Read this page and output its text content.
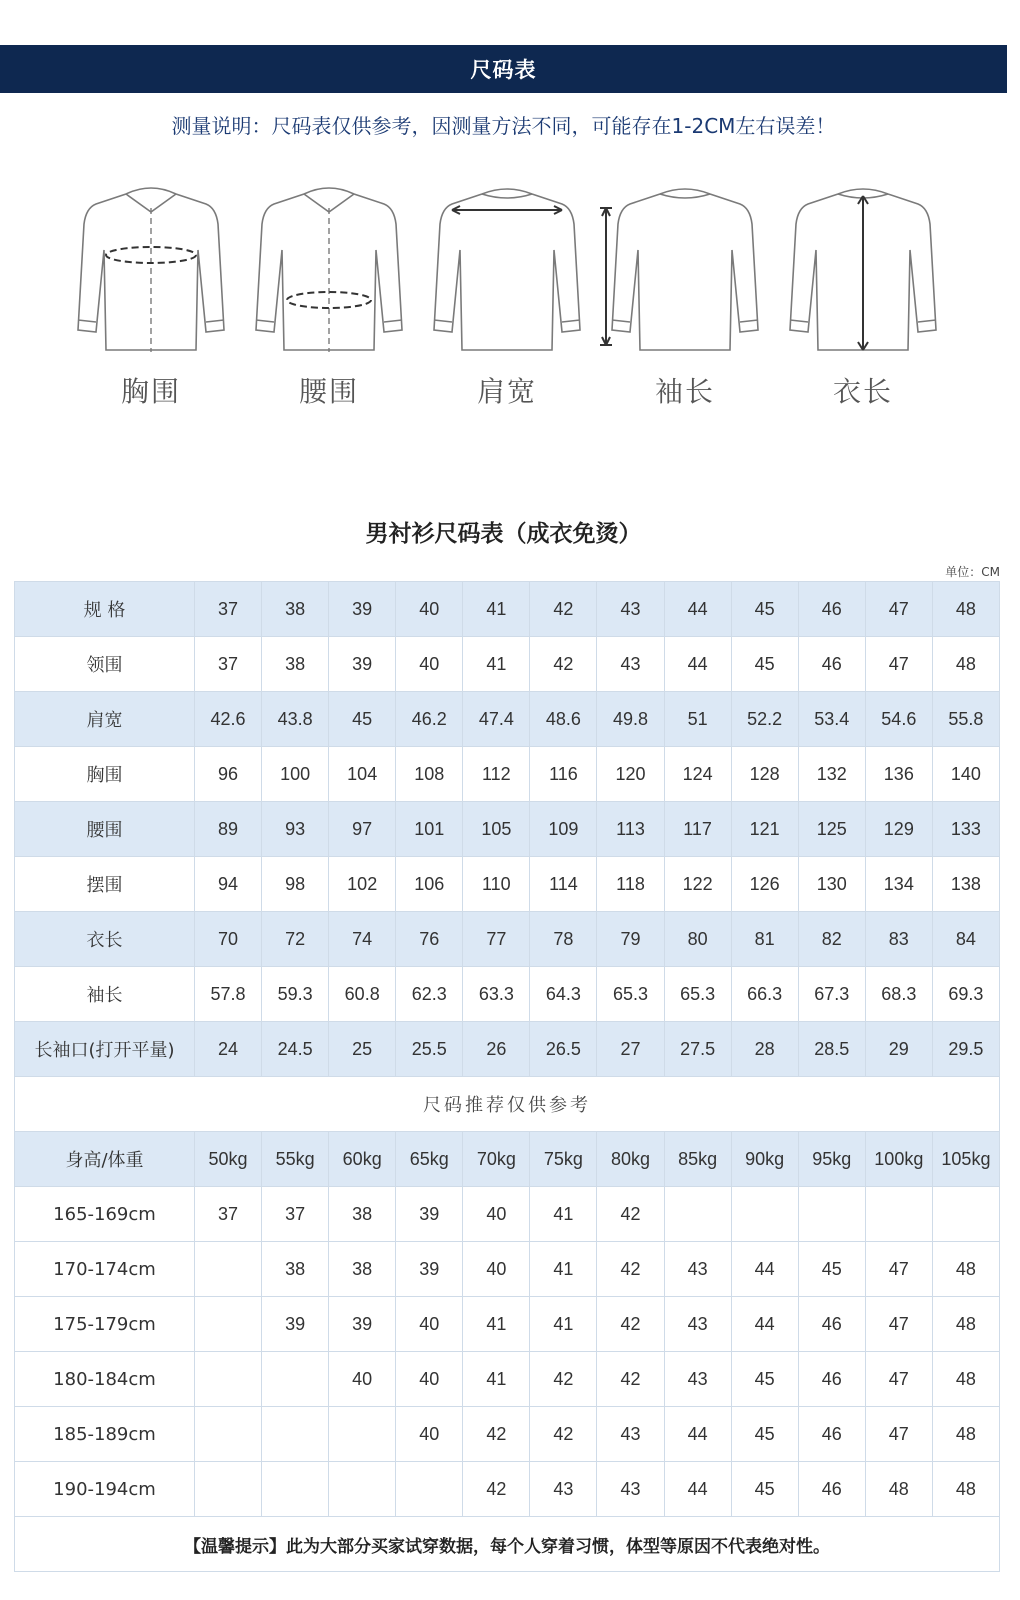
尺码表
测量说明：尺码表仅供参考，因测量方法不同，可能存在1-2CM左右误差！
胸围	腰围	肩宽	袖长	衣长
男衬衫尺码表（成衣免烫）
单位：CM
规 格	37	38	39	40	41	42	43	44	45	46	47	48
领围	37	38	39	40	41	42	43	44	45	46	47	48
肩宽	42.6	43.8	45	46.2	47.4	48.6	49.8	51	52.2	53.4	54.6	55.8
胸围	96	100	104	108	112	116	120	124	128	132	136	140
腰围	89	93	97	101	105	109	113	117	121	125	129	133
摆围	94	98	102	106	110	114	118	122	126	130	134	138
衣长	70	72	74	76	77	78	79	80	81	82	83	84
袖长	57.8	59.3	60.8	62.3	63.3	64.3	65.3	65.3	66.3	67.3	68.3	69.3
长袖口(打开平量)	24	24.5	25	25.5	26	26.5	27	27.5	28	28.5	29	29.5
尺码推荐仅供参考												
身高/体重	50kg	55kg	60kg	65kg	70kg	75kg	80kg	85kg	90kg	95kg	100kg	105kg
165-169cm	37	37	38	39	40	41	42					
170-174cm		38	38	39	40	41	42	43	44	45	47	48
175-179cm		39	39	40	41	41	42	43	44	46	47	48
180-184cm			40	40	41	42	42	43	45	46	47	48
185-189cm				40	42	42	43	44	45	46	47	48
190-194cm					42	43	43	44	45	46	48	48
【温馨提示】此为大部分买家试穿数据，每个人穿着习惯，体型等原因不代表绝对性。												
